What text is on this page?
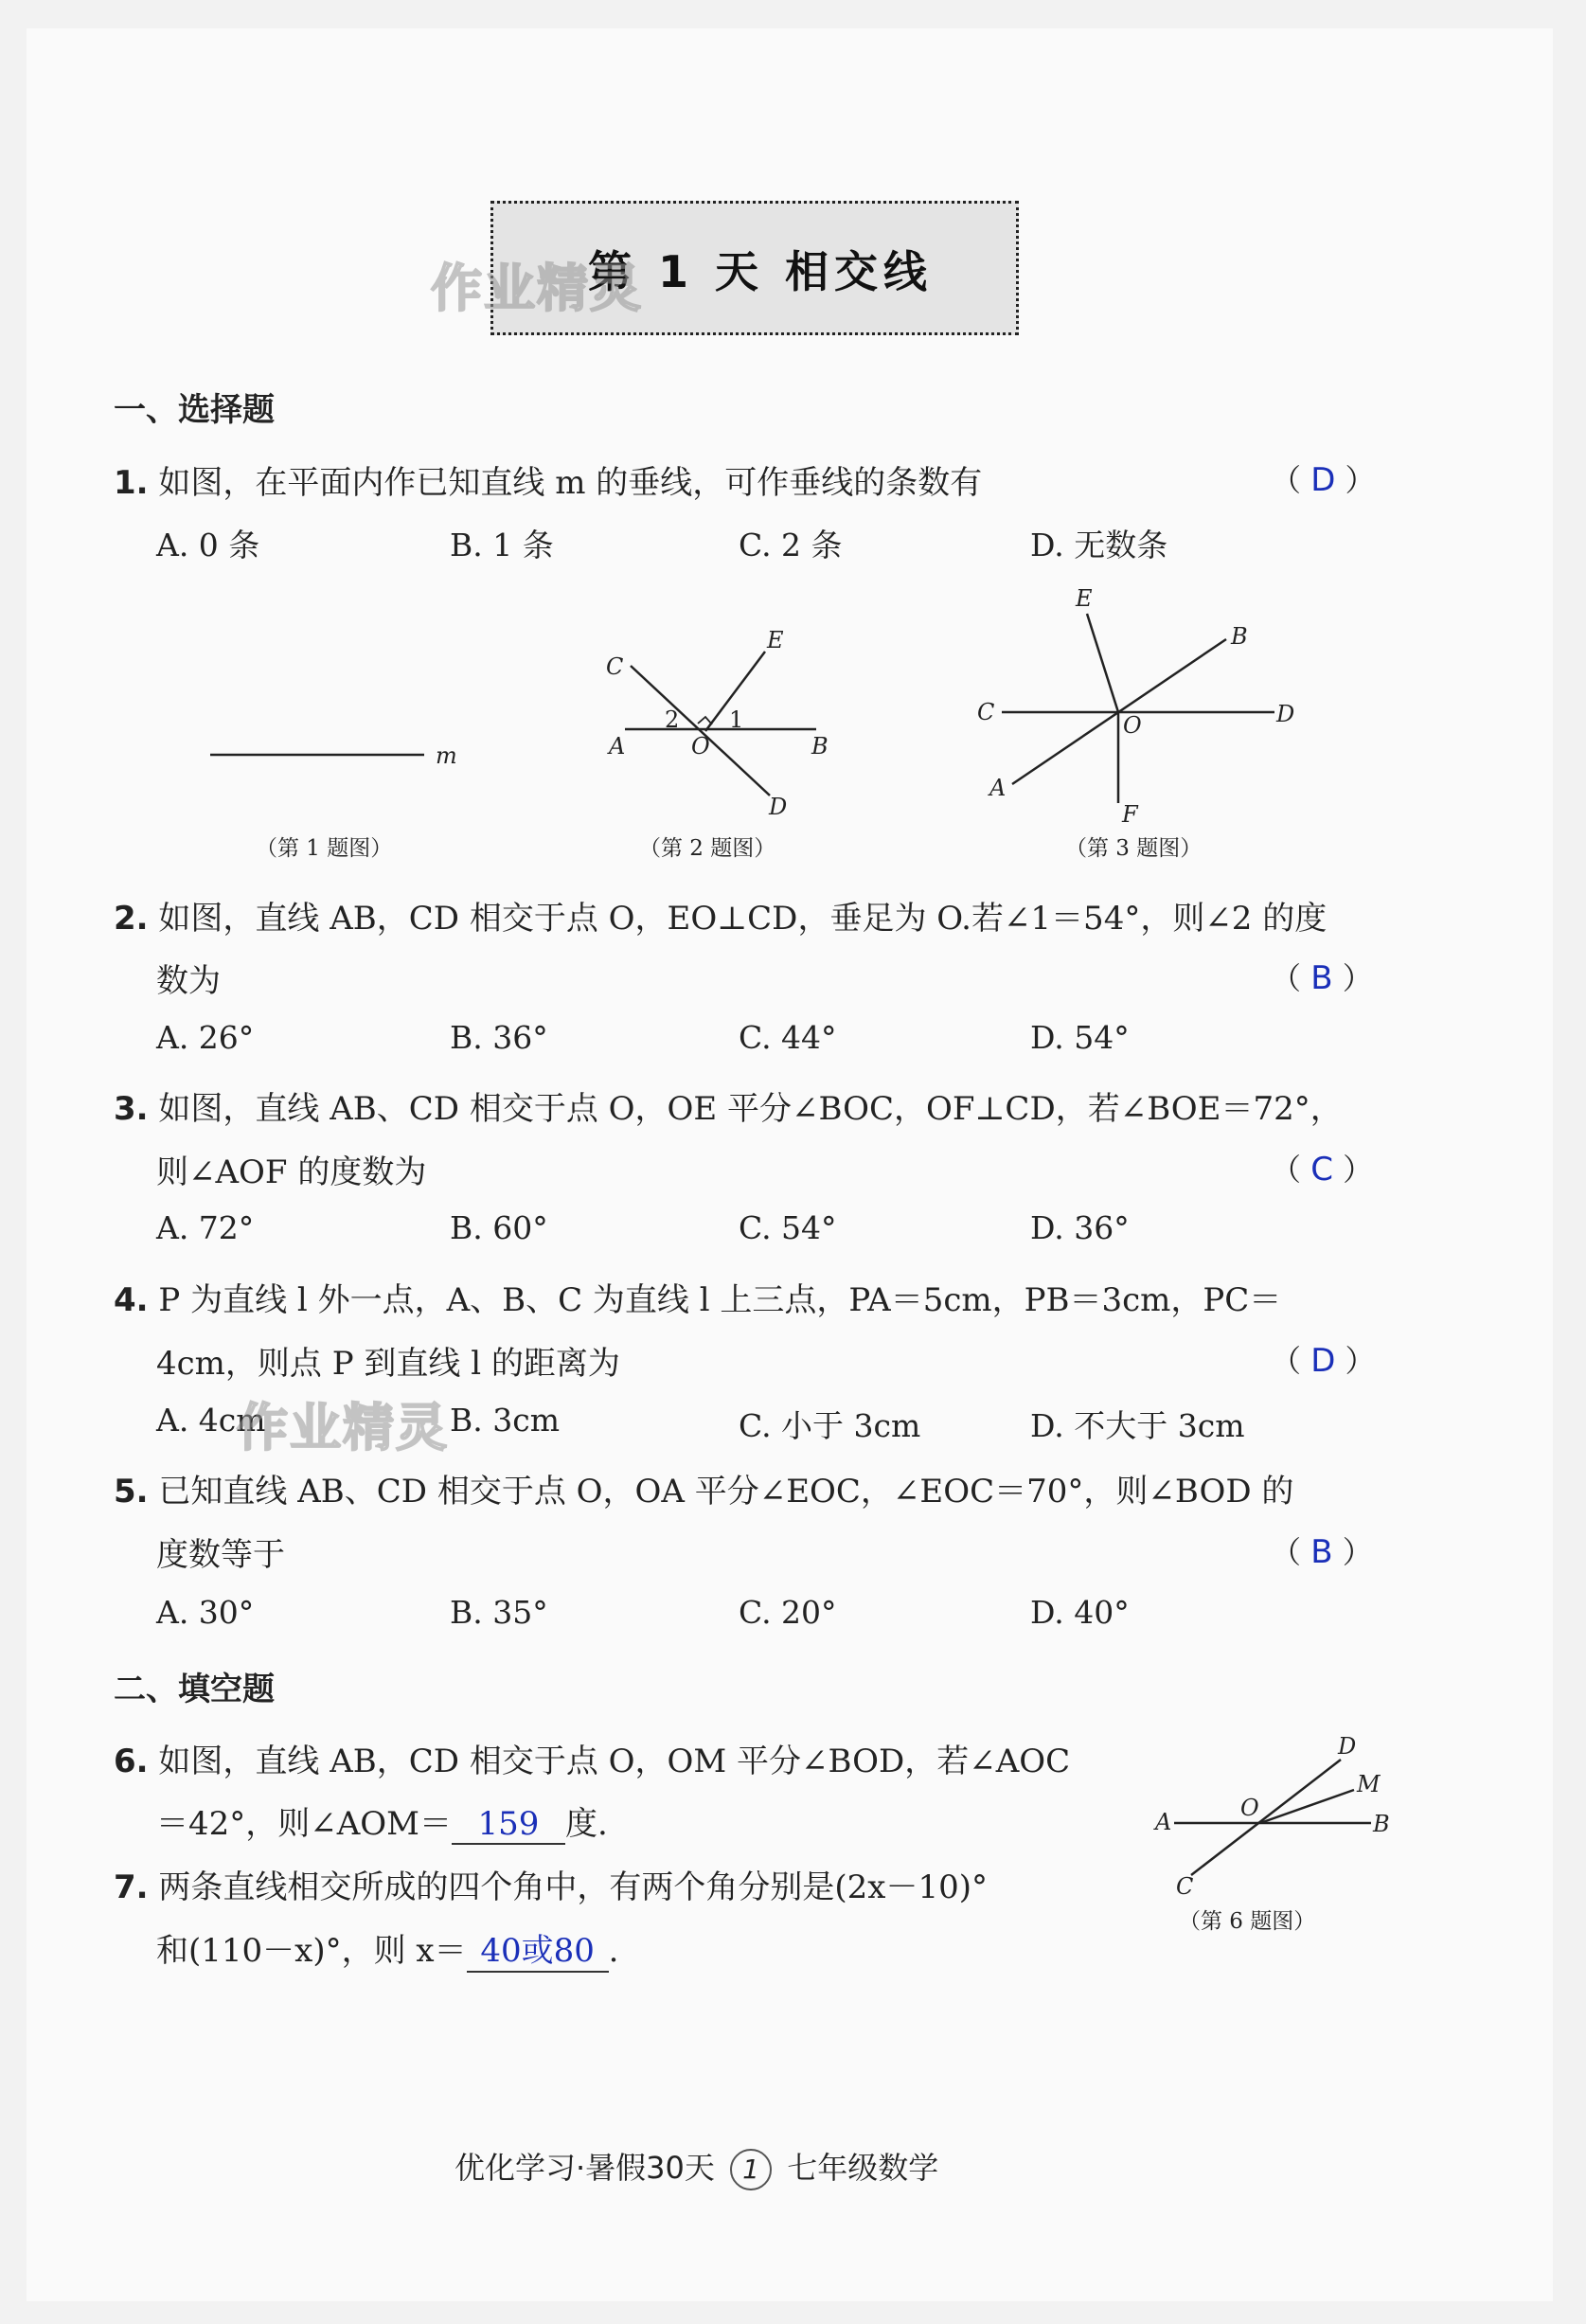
第 1 天 相交线
作业精灵
一、选择题
1. 如图，在平面内作已知直线 m 的垂线，可作垂线的条数有	（ D ）
A. 0 条	B. 1 条	C. 2 条	D. 无数条
m
C
E
2 1
A	O	B
D
（第 2 题图）
E
B
C	O	D
A
F
（第 3 题图）
（第 1 题图）
D
M
O
A	B
C
（第 6 题图）
2. 如图，直线 AB，CD 相交于点 O，EO⊥CD，垂足为 O.若∠1＝54°，则∠2 的度
数为	（ B ）
A. 26°	B. 36°	C. 44°	D. 54°
3. 如图，直线 AB、CD 相交于点 O，OE 平分∠BOC，OF⊥CD，若∠BOE＝72°，
则∠AOF 的度数为	（ C ）
A. 72°	B. 60°	C. 54°	D. 36°
4. P 为直线 l 外一点，A、B、C 为直线 l 上三点，PA＝5cm，PB＝3cm，PC＝
4cm，则点 P 到直线 l 的距离为	（ D ）
A. 4cm	B. 3cm	C. 小于 3cm	D. 不大于 3cm
作业精灵
5. 已知直线 AB、CD 相交于点 O，OA 平分∠EOC，∠EOC＝70°，则∠BOD 的
度数等于	（ B ）
A. 30°	B. 35°	C. 20°	D. 40°
二、填空题
6. 如图，直线 AB，CD 相交于点 O，OM 平分∠BOD，若∠AOC
＝42°，则∠AOM＝ 159 度.
7. 两条直线相交所成的四个角中，有两个角分别是(2x－10)°
和(110－x)°，则 x＝ 40或80 .
优化学习·暑假30天 1 七年级数学
